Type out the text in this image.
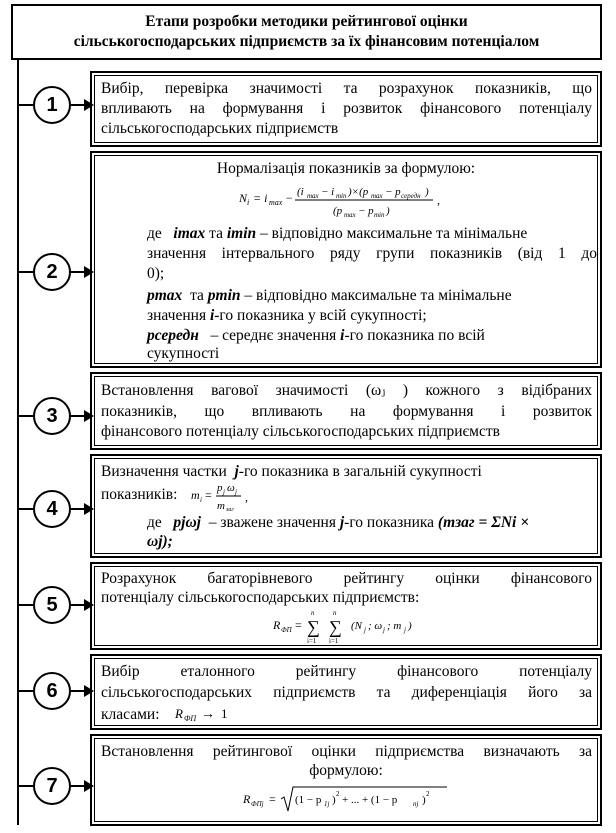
Етапи розробки методики рейтингової оцінки
сільськогосподарських підприємств за їх фінансовим потенціалом
1
Вибір, перевірка значимості та розрахунок показників, що
впливають на формування і розвиток фінансового потенціалу
сільськогосподарських підприємств
2
Нормалізація показників за формулою:
N i = i max − (i max − i min )×(p max − p середн )
(p max − p min )
,
де imax та imin – відповідно максимальне та мінімальне
значення інтервального ряду групи показників (від 1 до
0);
pmax та pmin – відповідно максимальне та мінімальне
значення i-го показника у всій сукупності;
pсередн – середнє значення i-го показника по всій
сукупності
3
Встановлення вагової значимості (ωⱼ ) кожного з відібраних
показників, що впливають на формування і розвиток
фінансового потенціалу сільськогосподарських підприємств
4
Визначення частки j-го показника в загальній сукупності
показників:	m i = p j ω j
m заг
,
де pjωj – зважене значення j-го показника (mзаг = ΣNi ×
ωj);
5
Розрахунок багаторівневого рейтингу оцінки фінансового
потенціалу сільськогосподарських підприємств:
R ФП =
n
∑
i=1
n
∑
i=1
(N j ; ω j ; m j )
6
Вибір еталонного рейтингу фінансового потенціалу
сільськогосподарських підприємств та диференціація його за
класами:	R ФП → 1
7
Встановлення рейтингової оцінки підприємства визначають за
формулою:
R ФПj = (1 − p 1j ) 2 + ... + (1 − p nj ) 2
